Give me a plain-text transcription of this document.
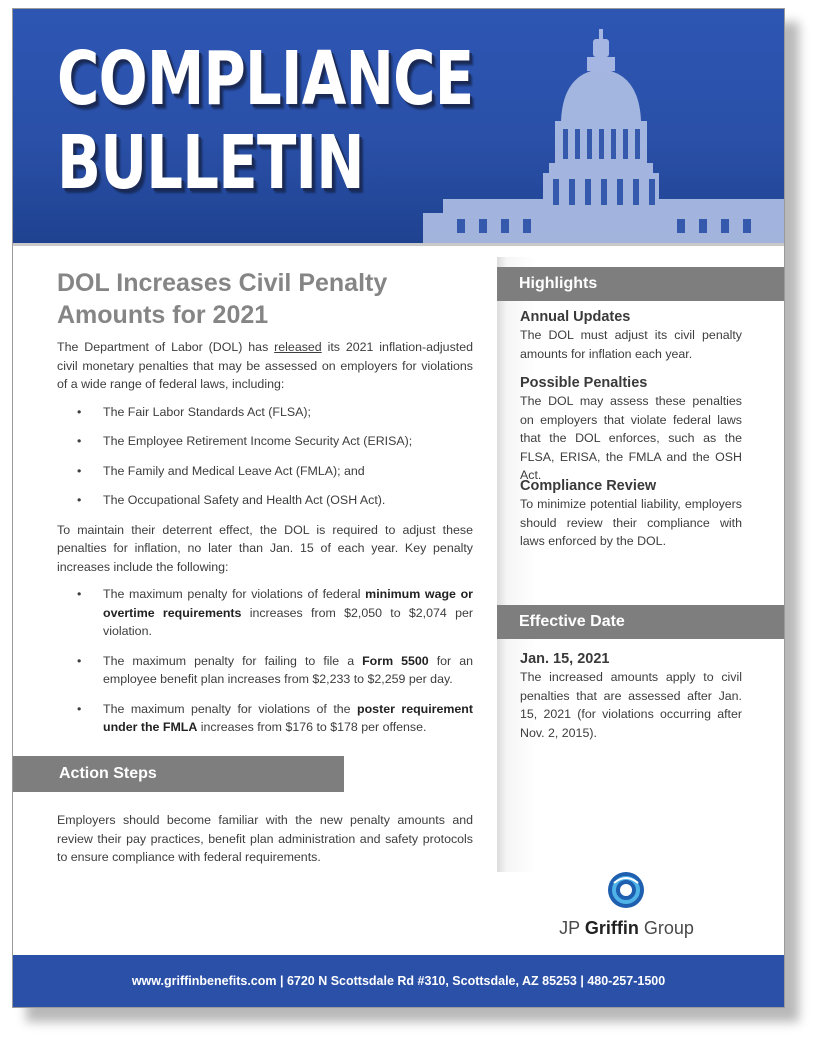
COMPLIANCE
BULLETIN
DOL Increases Civil Penalty
Amounts for 2021

The Department of Labor (DOL) has released its 2021 inflation-adjusted civil monetary penalties that may be assessed on employers for violations of a wide range of federal laws, including:

• The Fair Labor Standards Act (FLSA);
• The Employee Retirement Income Security Act (ERISA);
• The Family and Medical Leave Act (FMLA); and
• The Occupational Safety and Health Act (OSH Act).

To maintain their deterrent effect, the DOL is required to adjust these penalties for inflation, no later than Jan. 15 of each year. Key penalty increases include the following:

• The maximum penalty for violations of federal minimum wage or overtime requirements increases from $2,050 to $2,074 per violation.
• The maximum penalty for failing to file a Form 5500 for an employee benefit plan increases from $2,233 to $2,259 per day.
• The maximum penalty for violations of the poster requirement under the FMLA increases from $176 to $178 per offense.
Action Steps

Employers should become familiar with the new penalty amounts and review their pay practices, benefit plan administration and safety protocols to ensure compliance with federal requirements.

Highlights
Annual Updates

The DOL must adjust its civil penalty amounts for inflation each year.

Possible Penalties

The DOL may assess these penalties on employers that violate federal laws that the DOL enforces, such as the FLSA, ERISA, the FMLA and the OSH Act.

Compliance Review

To minimize potential liability, employers should review their compliance with laws enforced by the DOL.

Effective Date
Jan. 15, 2021

The increased amounts apply to civil penalties that are assessed after Jan. 15, 2021 (for violations occurring after Nov. 2, 2015).

JP Griffin Group
www.griffinbenefits.com | 6720 N Scottsdale Rd #310, Scottsdale, AZ 85253 | 480-257-1500
